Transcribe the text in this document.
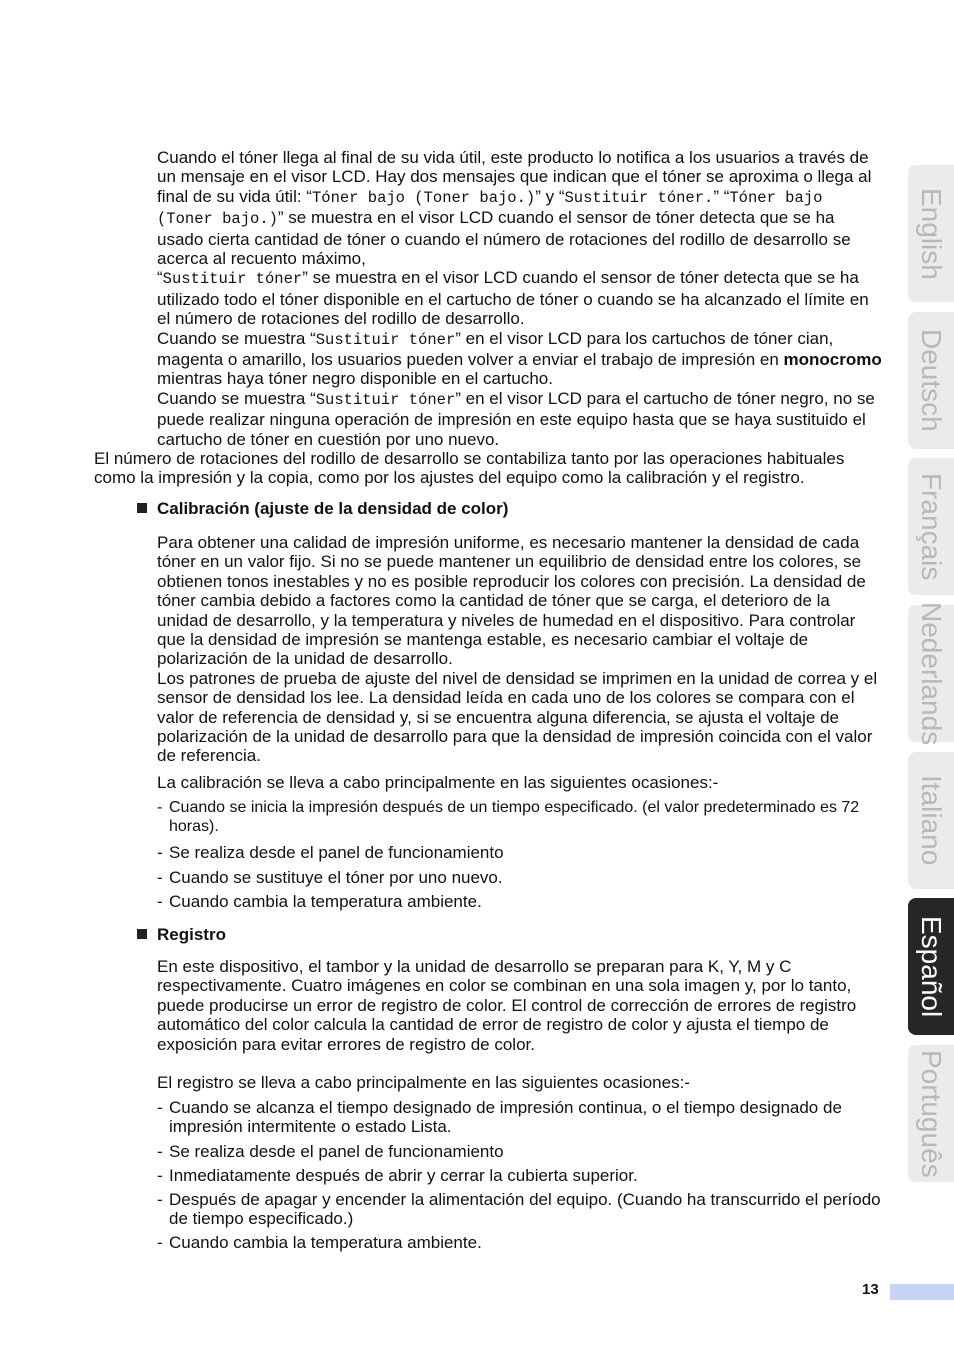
Cuando el tóner llega al final de su vida útil, este producto lo notifica a los usuarios a través de un mensaje en el visor LCD. Hay dos mensajes que indican que el tóner se aproxima o llega al final de su vida útil: “Tóner bajo (Toner bajo.)” y “Sustituir tóner.” “Tóner bajo (Toner bajo.)” se muestra en el visor LCD cuando el sensor de tóner detecta que se ha usado cierta cantidad de tóner o cuando el número de rotaciones del rodillo de desarrollo se acerca al recuento máximo,
“Sustituir tóner” se muestra en el visor LCD cuando el sensor de tóner detecta que se ha utilizado todo el tóner disponible en el cartucho de tóner o cuando se ha alcanzado el límite en el número de rotaciones del rodillo de desarrollo.
Cuando se muestra “Sustituir tóner” en el visor LCD para los cartuchos de tóner cian, magenta o amarillo, los usuarios pueden volver a enviar el trabajo de impresión en monocromo mientras haya tóner negro disponible en el cartucho.
Cuando se muestra “Sustituir tóner” en el visor LCD para el cartucho de tóner negro, no se puede realizar ninguna operación de impresión en este equipo hasta que se haya sustituido el cartucho de tóner en cuestión por uno nuevo.

El número de rotaciones del rodillo de desarrollo se contabiliza tanto por las operaciones habituales como la impresión y la copia, como por los ajustes del equipo como la calibración y el registro.

Calibración (ajuste de la densidad de color)

Para obtener una calidad de impresión uniforme, es necesario mantener la densidad de cada tóner en un valor fijo. Si no se puede mantener un equilibrio de densidad entre los colores, se obtienen tonos inestables y no es posible reproducir los colores con precisión. La densidad de tóner cambia debido a factores como la cantidad de tóner que se carga, el deterioro de la unidad de desarrollo, y la temperatura y niveles de humedad en el dispositivo. Para controlar que la densidad de impresión se mantenga estable, es necesario cambiar el voltaje de polarización de la unidad de desarrollo.
Los patrones de prueba de ajuste del nivel de densidad se imprimen en la unidad de correa y el sensor de densidad los lee. La densidad leída en cada uno de los colores se compara con el valor de referencia de densidad y, si se encuentra alguna diferencia, se ajusta el voltaje de polarización de la unidad de desarrollo para que la densidad de impresión coincida con el valor de referencia.

La calibración se lleva a cabo principalmente en las siguientes ocasiones:-

- Cuando se inicia la impresión después de un tiempo especificado. (el valor predeterminado es 72 horas).
- Se realiza desde el panel de funcionamiento
- Cuando se sustituye el tóner por uno nuevo.
- Cuando cambia la temperatura ambiente.
Registro

En este dispositivo, el tambor y la unidad de desarrollo se preparan para K, Y, M y C respectivamente. Cuatro imágenes en color se combinan en una sola imagen y, por lo tanto, puede producirse un error de registro de color. El control de corrección de errores de registro automático del color calcula la cantidad de error de registro de color y ajusta el tiempo de exposición para evitar errores de registro de color.

El registro se lleva a cabo principalmente en las siguientes ocasiones:-

- Cuando se alcanza el tiempo designado de impresión continua, o el tiempo designado de impresión intermitente o estado Lista.
- Se realiza desde el panel de funcionamiento
- Inmediatamente después de abrir y cerrar la cubierta superior.
- Después de apagar y encender la alimentación del equipo. (Cuando ha transcurrido el período de tiempo especificado.)
- Cuando cambia la temperatura ambiente.
English
Deutsch
Français
Nederlands
Italiano
Español
Português
13
